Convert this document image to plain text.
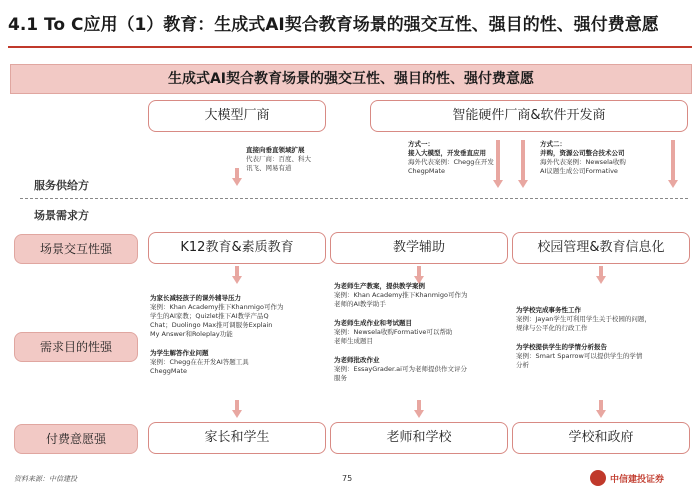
4.1 To C应用（1）教育：生成式AI契合教育场景的强交互性、强目的性、强付费意愿
生成式AI契合教育场景的强交互性、强目的性、强付费意愿
大模型厂商	智能硬件厂商&软件开发商
直接向垂直领域扩展
代表厂商：百度、科大
讯飞、网易有道
方式一：
接入大模型，开发垂直应用
海外代表案例：Chegg在开发
ChegpMate
方式二：
并购，资源公司整合技术公司
海外代表案例：Newsela收购
AI议题生成公司Formative
服务供给方
场景需求方
场景交互性强	K12教育&素质教育	教学辅助	校园管理&教育信息化
需求目的性强
为家长减轻孩子的课外辅导压力
案例：Khan Academy推下Khanmigo可作为
学生的AI家教；Quizlet推下AI教学产品Q
Chat；Duolingo Max推可调服务Explain
My Answer和Roleplay功能
为学生解答作业问题
案例：Chegg在在开发AI答题工具
CheggMate
为老师生产教案，提供教学案例
案例：Khan Academy推下Khanmigo可作为
老师的AI教学助手
为老师生成作业和考试题目
案例：Newsela收购Formative可以帮助
老师生成题目
为老师批改作业
案例：EssayGrader.ai可为老师提供作文评分
服务
为学校完成事务性工作
案例：Jayan学生可利用学生关于校园的问题，
规律与公平化的行政工作
为学校提供学生的学情分析报告
案例：Smart Sparrow可以提供学生的学情
分析
付费意愿强	家长和学生	老师和学校	学校和政府
资料来源：中信建投	75	中信建投证券
